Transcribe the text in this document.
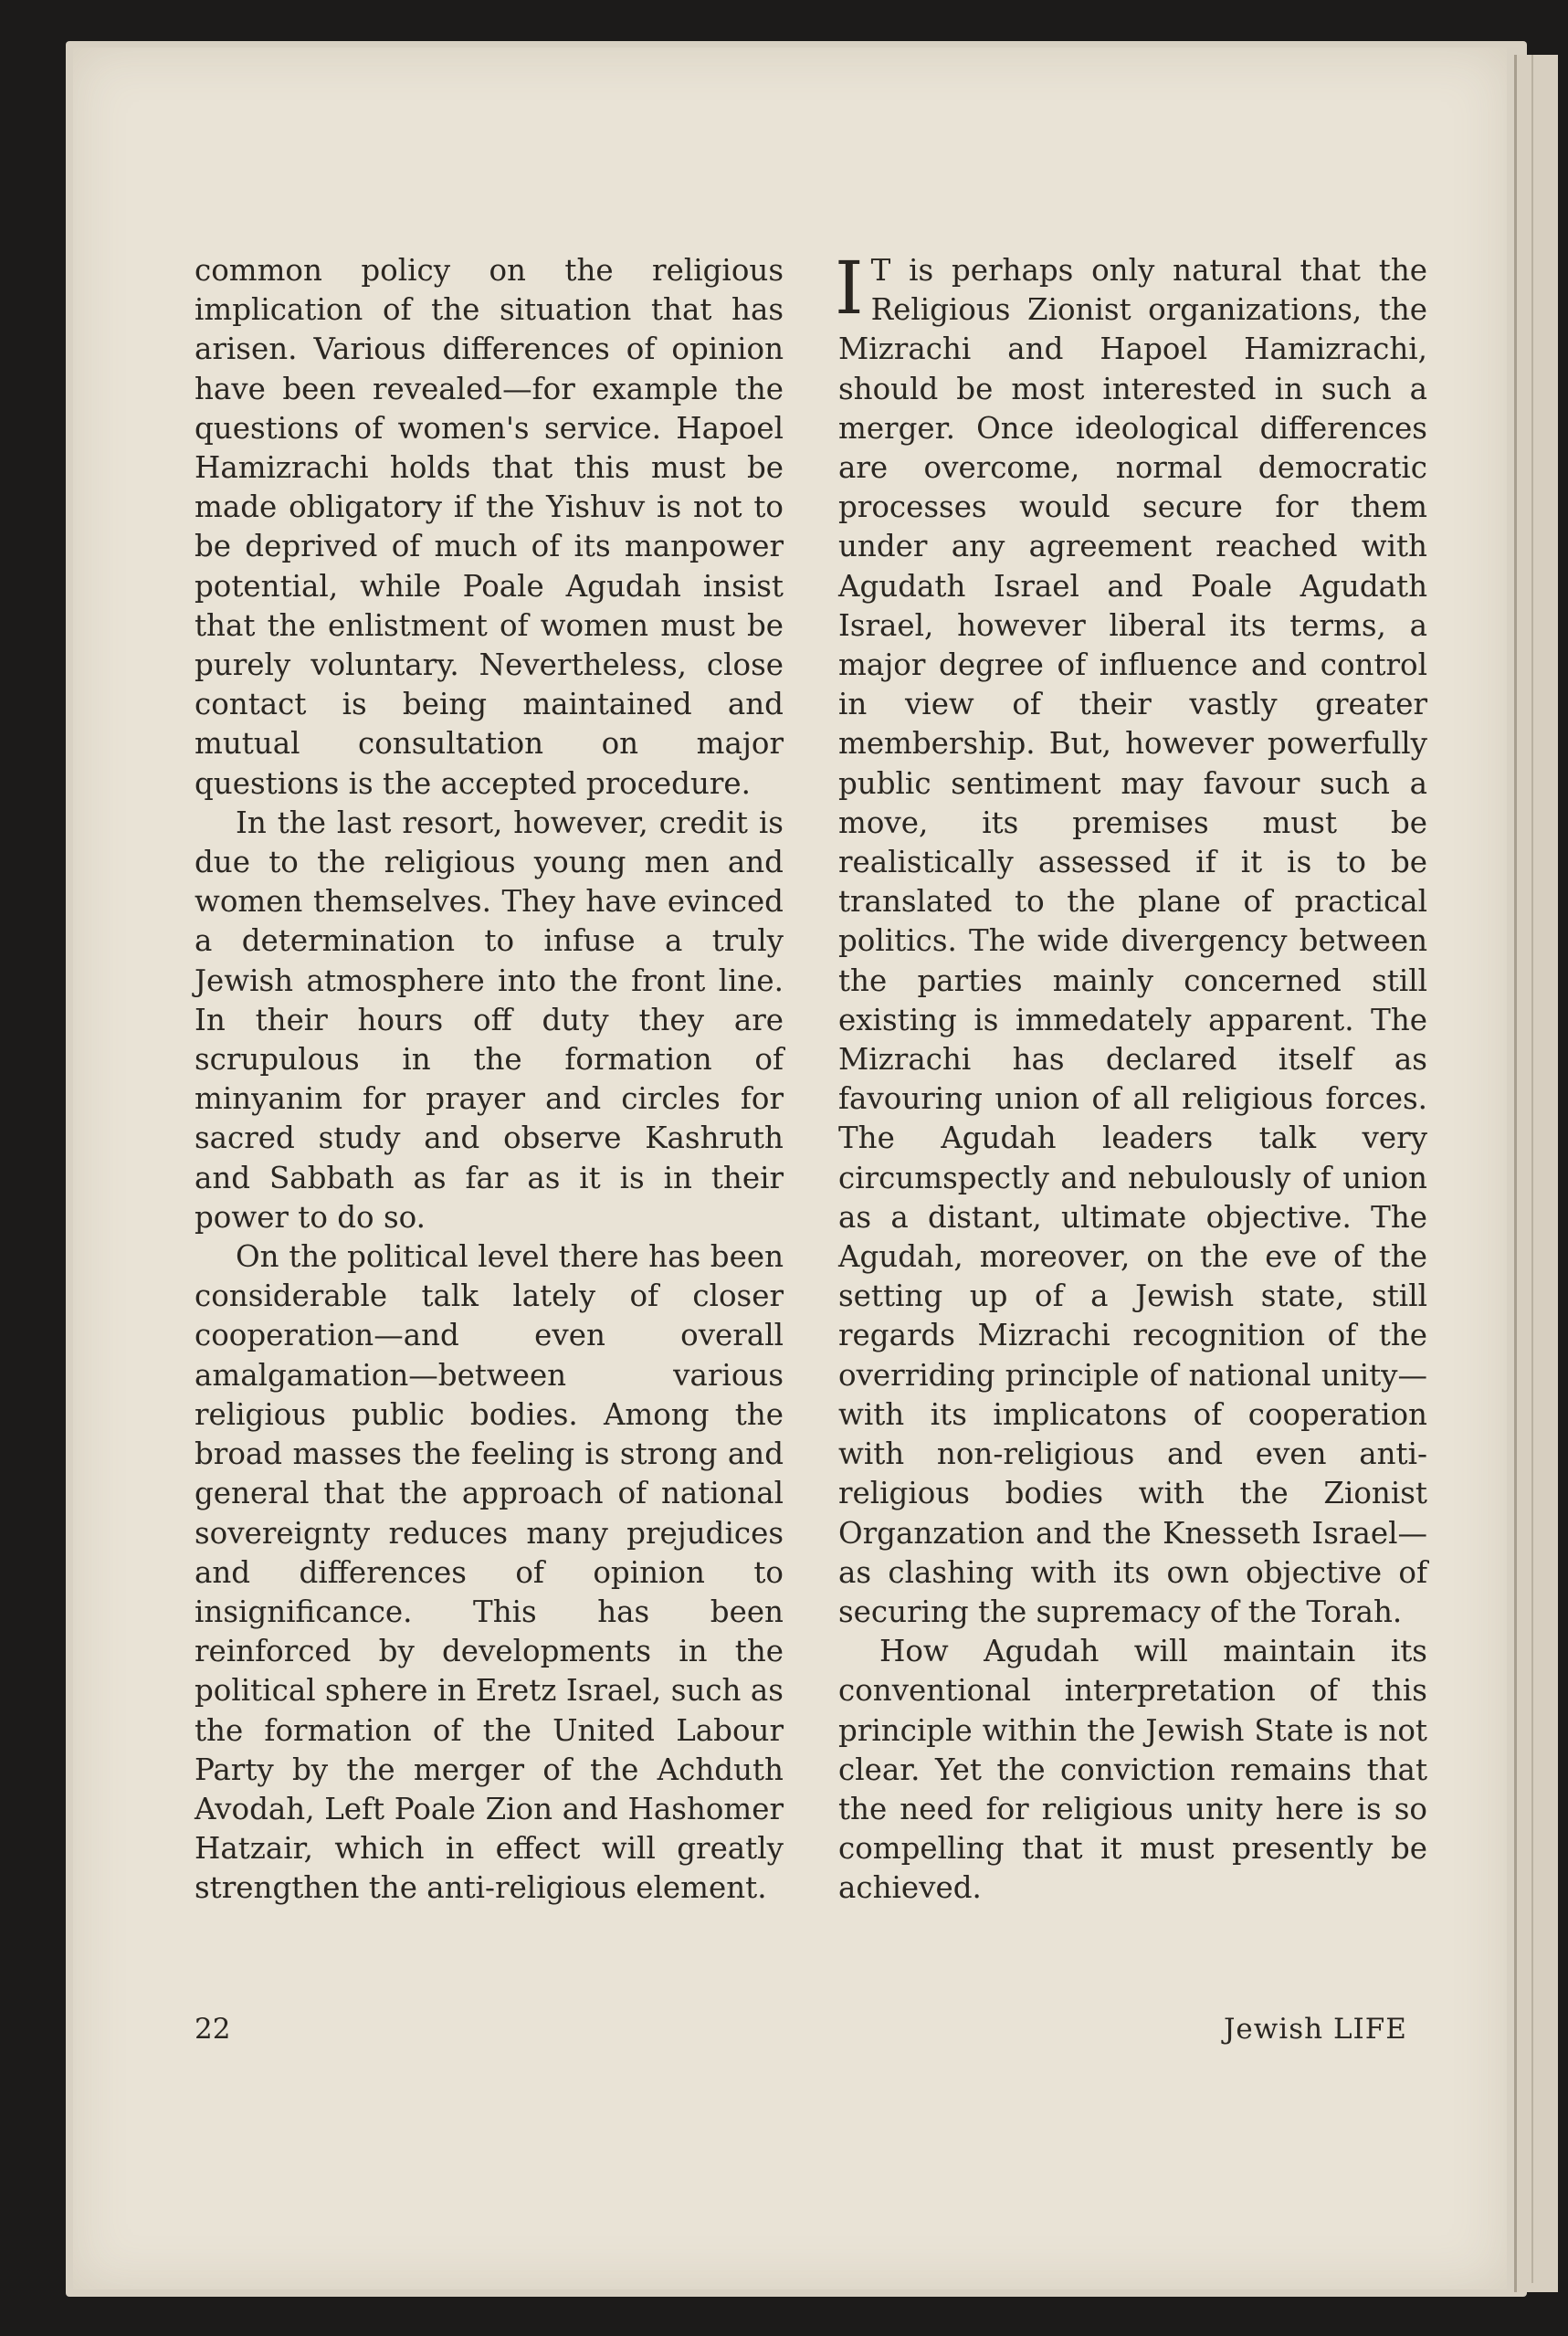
common policy on the religious implication of the situation that has arisen. Various differences of opinion have been revealed—for example the questions of women's service. Hapoel Hamizrachi holds that this must be made obligatory if the Yishuv is not to be deprived of much of its manpower potential, while Poale Agudah insist that the enlistment of women must be purely voluntary. Nevertheless, close contact is being maintained and mutual consultation on major questions is the accepted procedure.

In the last resort, however, credit is due to the religious young men and women themselves. They have evinced a determination to infuse a truly Jewish atmosphere into the front line. In their hours off duty they are scrupulous in the formation of minyanim for prayer and circles for sacred study and observe Kashruth and Sabbath as far as it is in their power to do so.

On the political level there has been considerable talk lately of closer cooperation—and even overall amalgamation—between various religious public bodies. Among the broad masses the feeling is strong and general that the approach of national sovereignty reduces many prejudices and differences of opinion to insignificance. This has been reinforced by developments in the political sphere in Eretz Israel, such as the formation of the United Labour Party by the merger of the Achduth Avodah, Left Poale Zion and Hashomer Hatzair, which in effect will greatly strengthen the anti-religious element.

I T is perhaps only natural that the Religious Zionist organizations, the Mizrachi and Hapoel Hamizrachi, should be most interested in such a merger. Once ideological differences are overcome, normal democratic processes would secure for them under any agreement reached with Agudath Israel and Poale Agudath Israel, however liberal its terms, a major degree of influence and control in view of their vastly greater membership. But, however powerfully public sentiment may favour such a move, its premises must be realistically assessed if it is to be translated to the plane of practical politics. The wide divergency between the parties mainly concerned still existing is immedately apparent. The Mizrachi has declared itself as favouring union of all religious forces. The Agudah leaders talk very circumspectly and nebulously of union as a distant, ultimate objective. The Agudah, moreover, on the eve of the setting up of a Jewish state, still regards Mizrachi recognition of the overriding principle of national unity—with its implicatons of cooperation with non-religious and even anti-religious bodies with the Zionist Organzation and the Knesseth Israel—as clashing with its own objective of securing the supremacy of the Torah.

How Agudah will maintain its conventional interpretation of this principle within the Jewish State is not clear. Yet the conviction remains that the need for religious unity here is so compelling that it must presently be achieved.

22	Jewish LIFE
